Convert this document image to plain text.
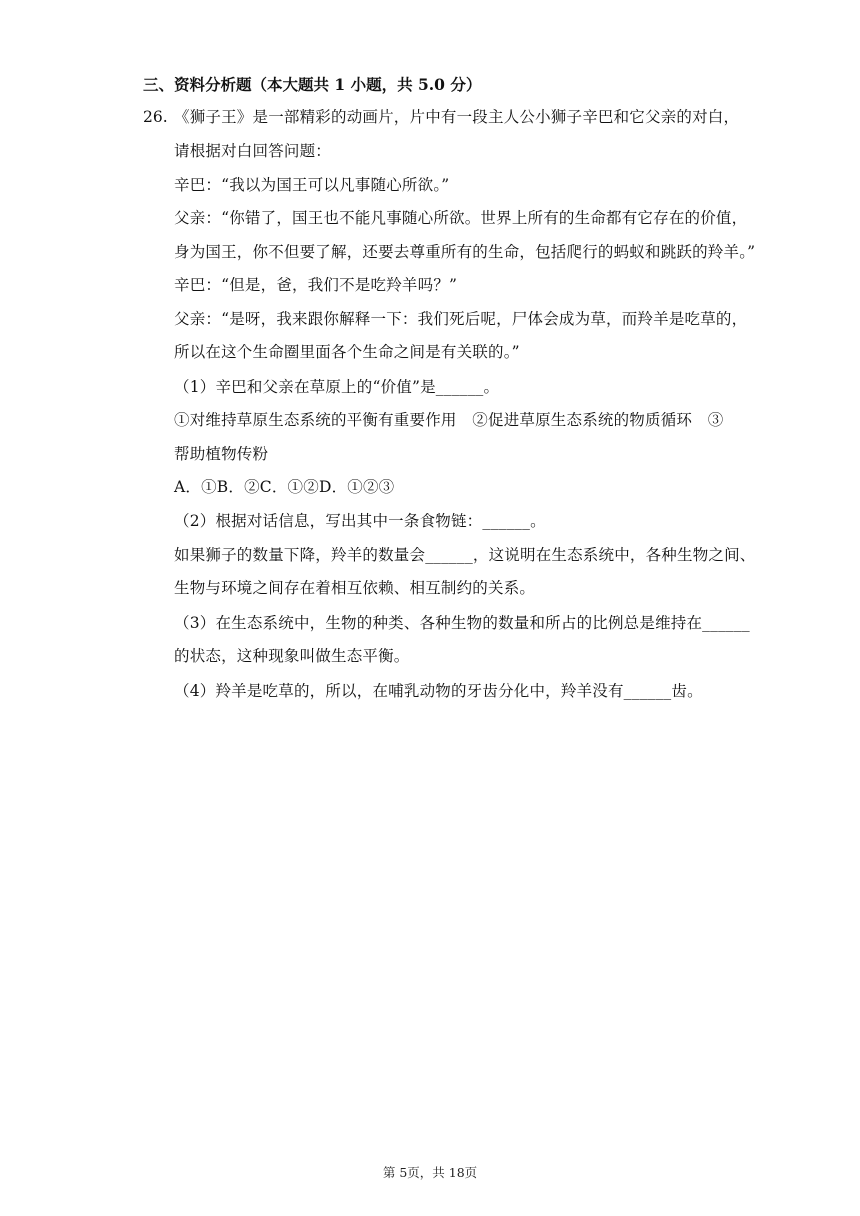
三、资料分析题（本大题共 1 小题，共 5.0 分）
26. 《狮子王》是一部精彩的动画片，片中有一段主人公小狮子辛巴和它父亲的对白，
请根据对白回答问题：
辛巴：“我以为国王可以凡事随心所欲。”
父亲：“你错了，国王也不能凡事随心所欲。世界上所有的生命都有它存在的价值，
身为国王，你不但要了解，还要去尊重所有的生命，包括爬行的蚂蚁和跳跃的羚羊。”
辛巴：“但是，爸，我们不是吃羚羊吗？”
父亲：“是呀，我来跟你解释一下：我们死后呢，尸体会成为草，而羚羊是吃草的，
所以在这个生命圈里面各个生命之间是有关联的。”
（1）辛巴和父亲在草原上的“价值”是______。
①对维持草原生态系统的平衡有重要作用　②促进草原生态系统的物质循环　③
帮助植物传粉
A．①B．②C．①②D．①②③
（2）根据对话信息，写出其中一条食物链：______。
如果狮子的数量下降，羚羊的数量会______，这说明在生态系统中，各种生物之间、
生物与环境之间存在着相互依赖、相互制约的关系。
（3）在生态系统中，生物的种类、各种生物的数量和所占的比例总是维持在______
的状态，这种现象叫做生态平衡。
（4）羚羊是吃草的，所以，在哺乳动物的牙齿分化中，羚羊没有______齿。
第 5页，共 18页
